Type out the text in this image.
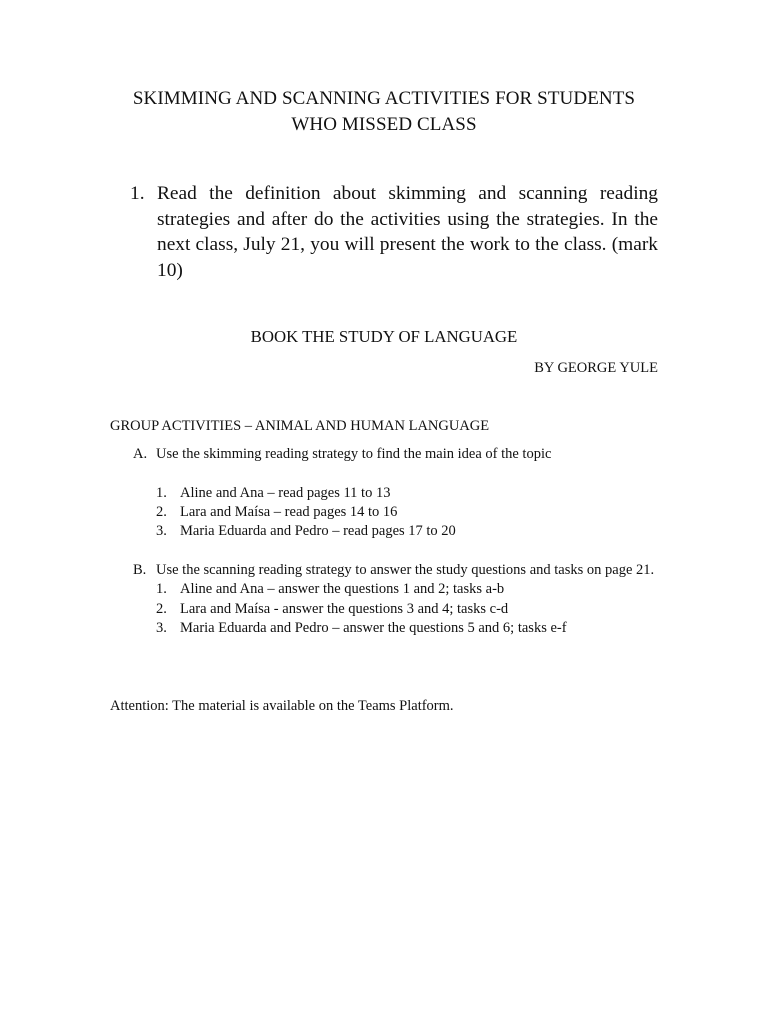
SKIMMING AND SCANNING ACTIVITIES FOR STUDENTS
WHO MISSED CLASS
1. Read the definition about skimming and scanning reading strategies and after do the activities using the strategies. In the next class, July 21, you will present the work to the class. (mark 10)
BOOK THE STUDY OF LANGUAGE
BY GEORGE YULE
GROUP ACTIVITIES – ANIMAL AND HUMAN LANGUAGE
A. Use the skimming reading strategy to find the main idea of the topic
1. Aline and Ana – read pages 11 to 13
2. Lara and Maísa – read pages 14 to 16
3. Maria Eduarda and Pedro – read pages 17 to 20
B. Use the scanning reading strategy to answer the study questions and tasks on page 21.
1. Aline and Ana – answer the questions 1 and 2; tasks a-b
2. Lara and Maísa - answer the questions 3 and 4; tasks c-d
3. Maria Eduarda and Pedro – answer the questions 5 and 6; tasks e-f
Attention: The material is available on the Teams Platform.
